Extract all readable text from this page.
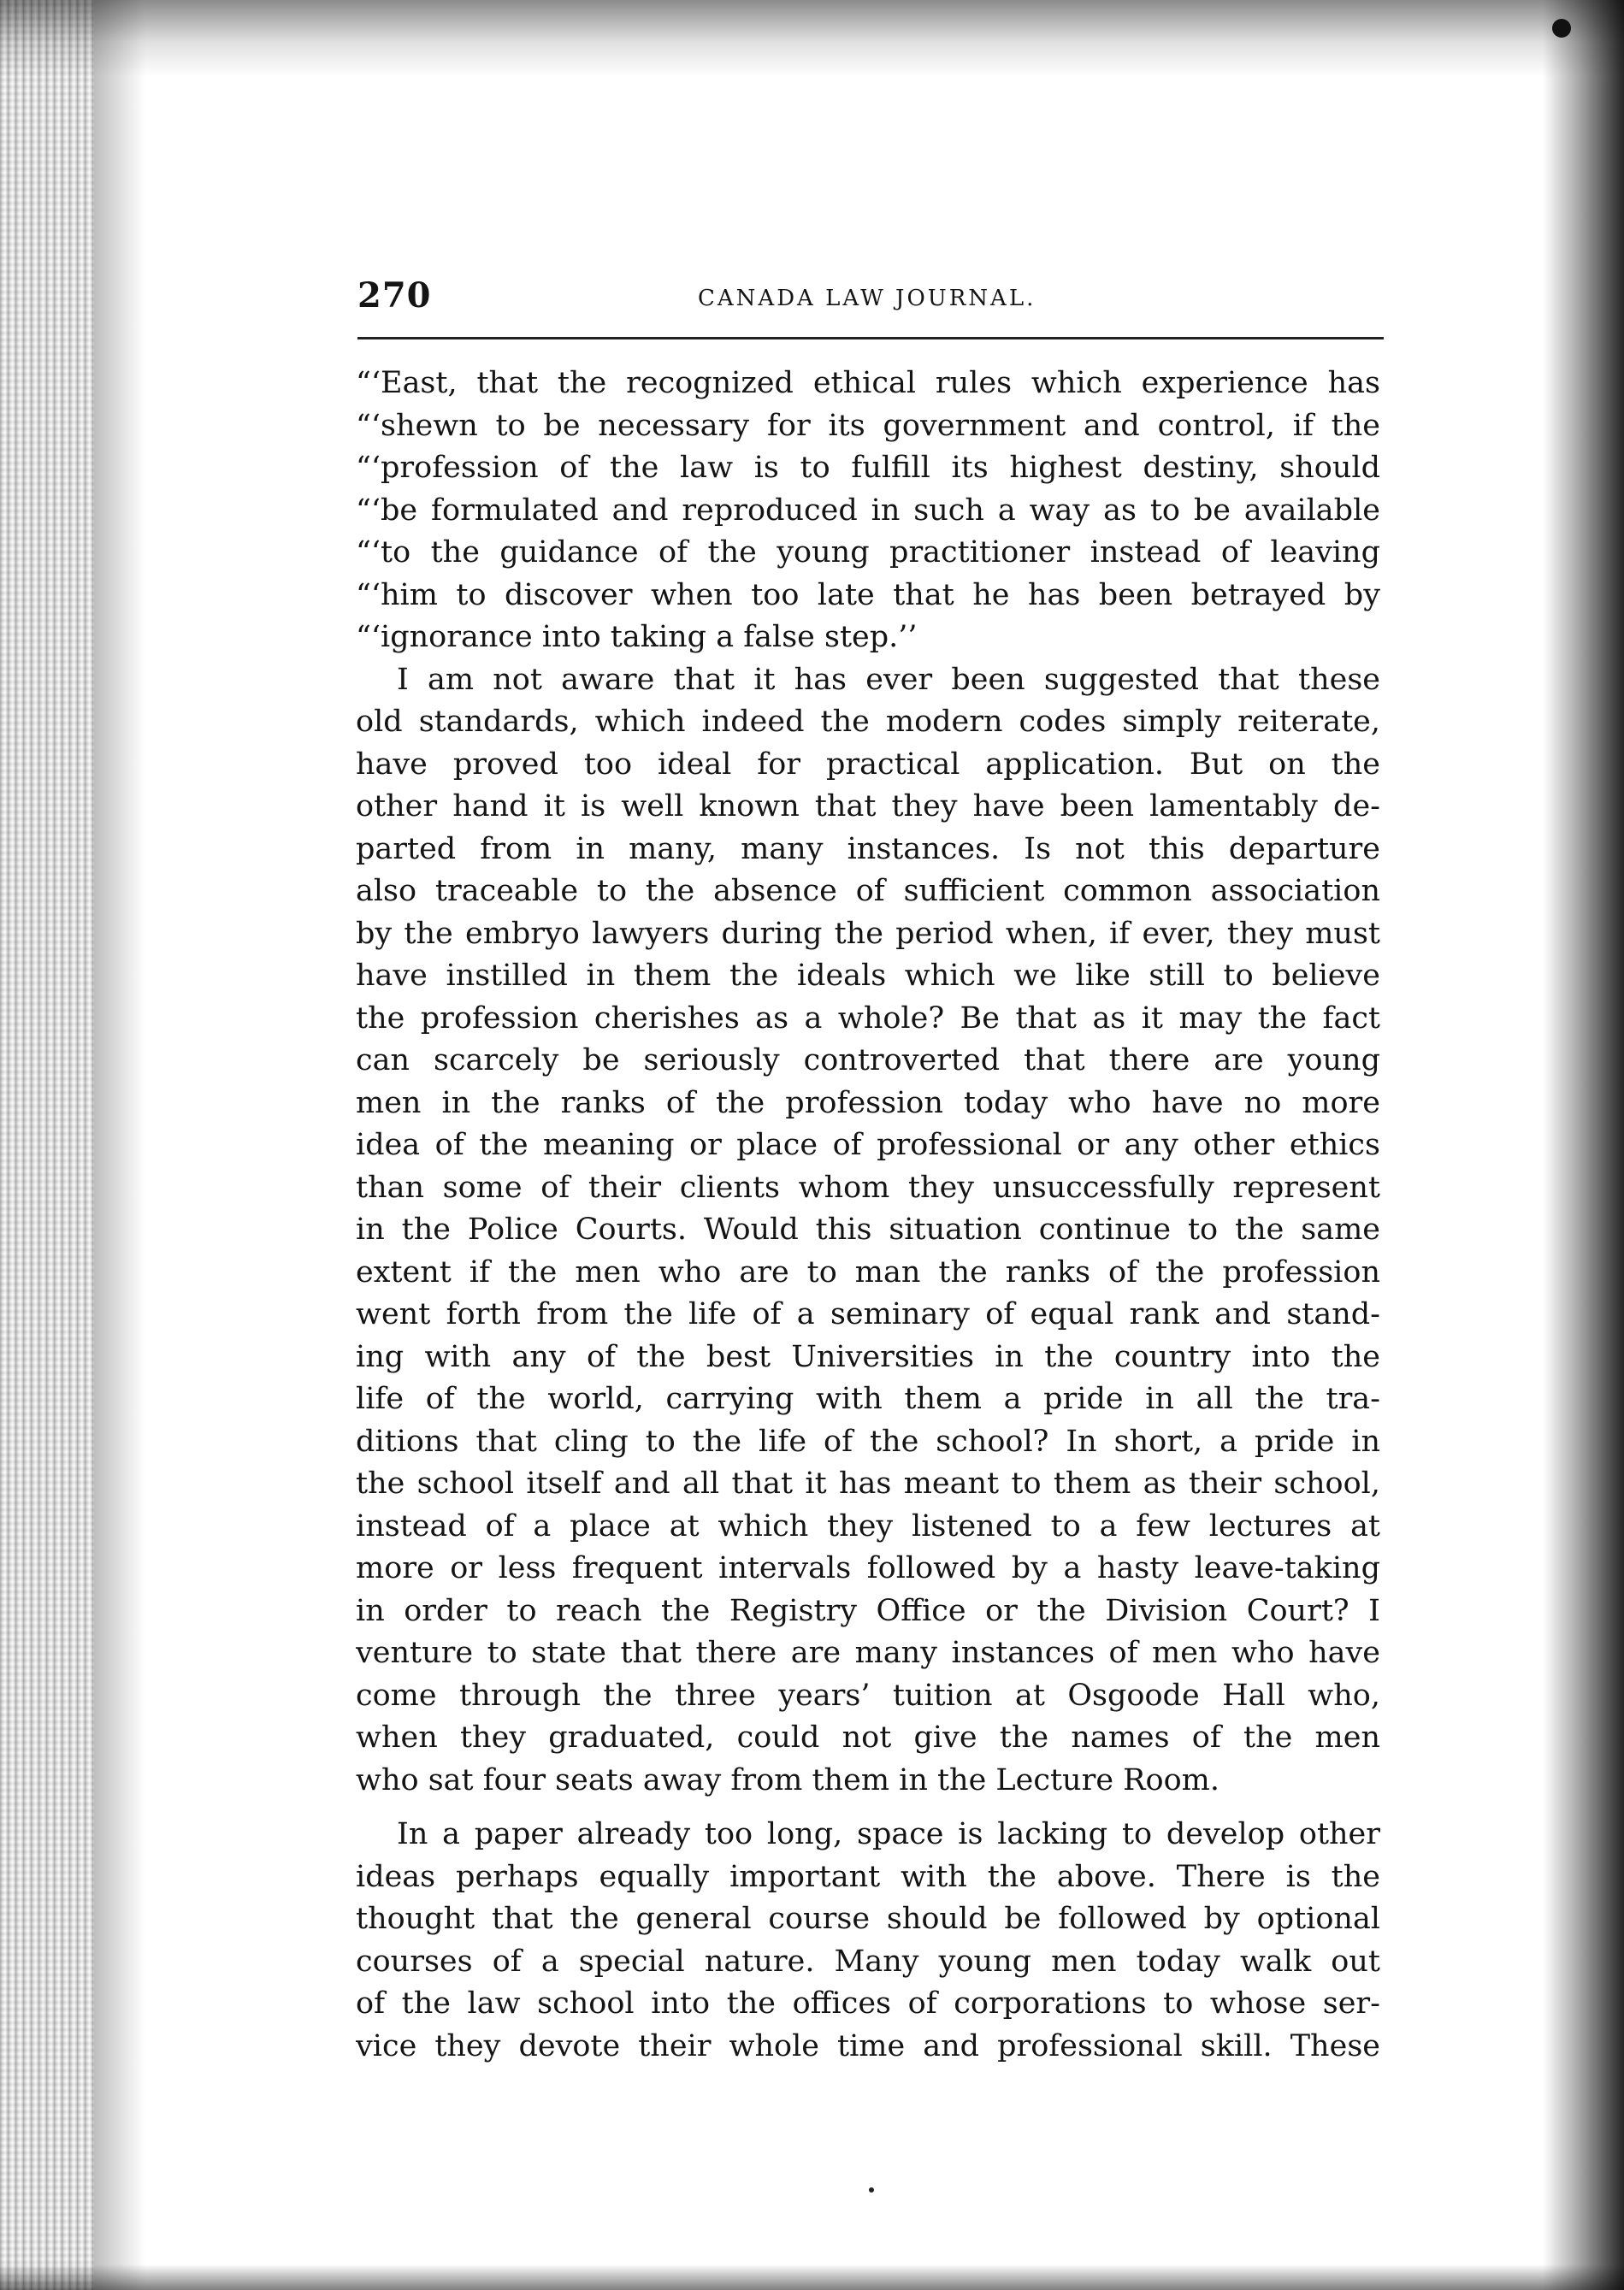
270	CANADA LAW JOURNAL.
“‘East, that the recognized ethical rules which experience has
“‘shewn to be necessary for its government and control, if the
“‘profession of the law is to fulfill its highest destiny, should
“‘be formulated and reproduced in such a way as to be available
“‘to the guidance of the young practitioner instead of leaving
“‘him to discover when too late that he has been betrayed by
“‘ignorance into taking a false step.’’
I am not aware that it has ever been suggested that these
old standards, which indeed the modern codes simply reiterate,
have proved too ideal for practical application. But on the
other hand it is well known that they have been lamentably de-
parted from in many, many instances. Is not this departure
also traceable to the absence of sufficient common association
by the embryo lawyers during the period when, if ever, they must
have instilled in them the ideals which we like still to believe
the profession cherishes as a whole? Be that as it may the fact
can scarcely be seriously controverted that there are young
men in the ranks of the profession today who have no more
idea of the meaning or place of professional or any other ethics
than some of their clients whom they unsuccessfully represent
in the Police Courts. Would this situation continue to the same
extent if the men who are to man the ranks of the profession
went forth from the life of a seminary of equal rank and stand-
ing with any of the best Universities in the country into the
life of the world, carrying with them a pride in all the tra-
ditions that cling to the life of the school? In short, a pride in
the school itself and all that it has meant to them as their school,
instead of a place at which they listened to a few lectures at
more or less frequent intervals followed by a hasty leave-taking
in order to reach the Registry Office or the Division Court? I
venture to state that there are many instances of men who have
come through the three years’ tuition at Osgoode Hall who,
when they graduated, could not give the names of the men
who sat four seats away from them in the Lecture Room.
In a paper already too long, space is lacking to develop other
ideas perhaps equally important with the above. There is the
thought that the general course should be followed by optional
courses of a special nature. Many young men today walk out
of the law school into the offices of corporations to whose ser-
vice they devote their whole time and professional skill. These
